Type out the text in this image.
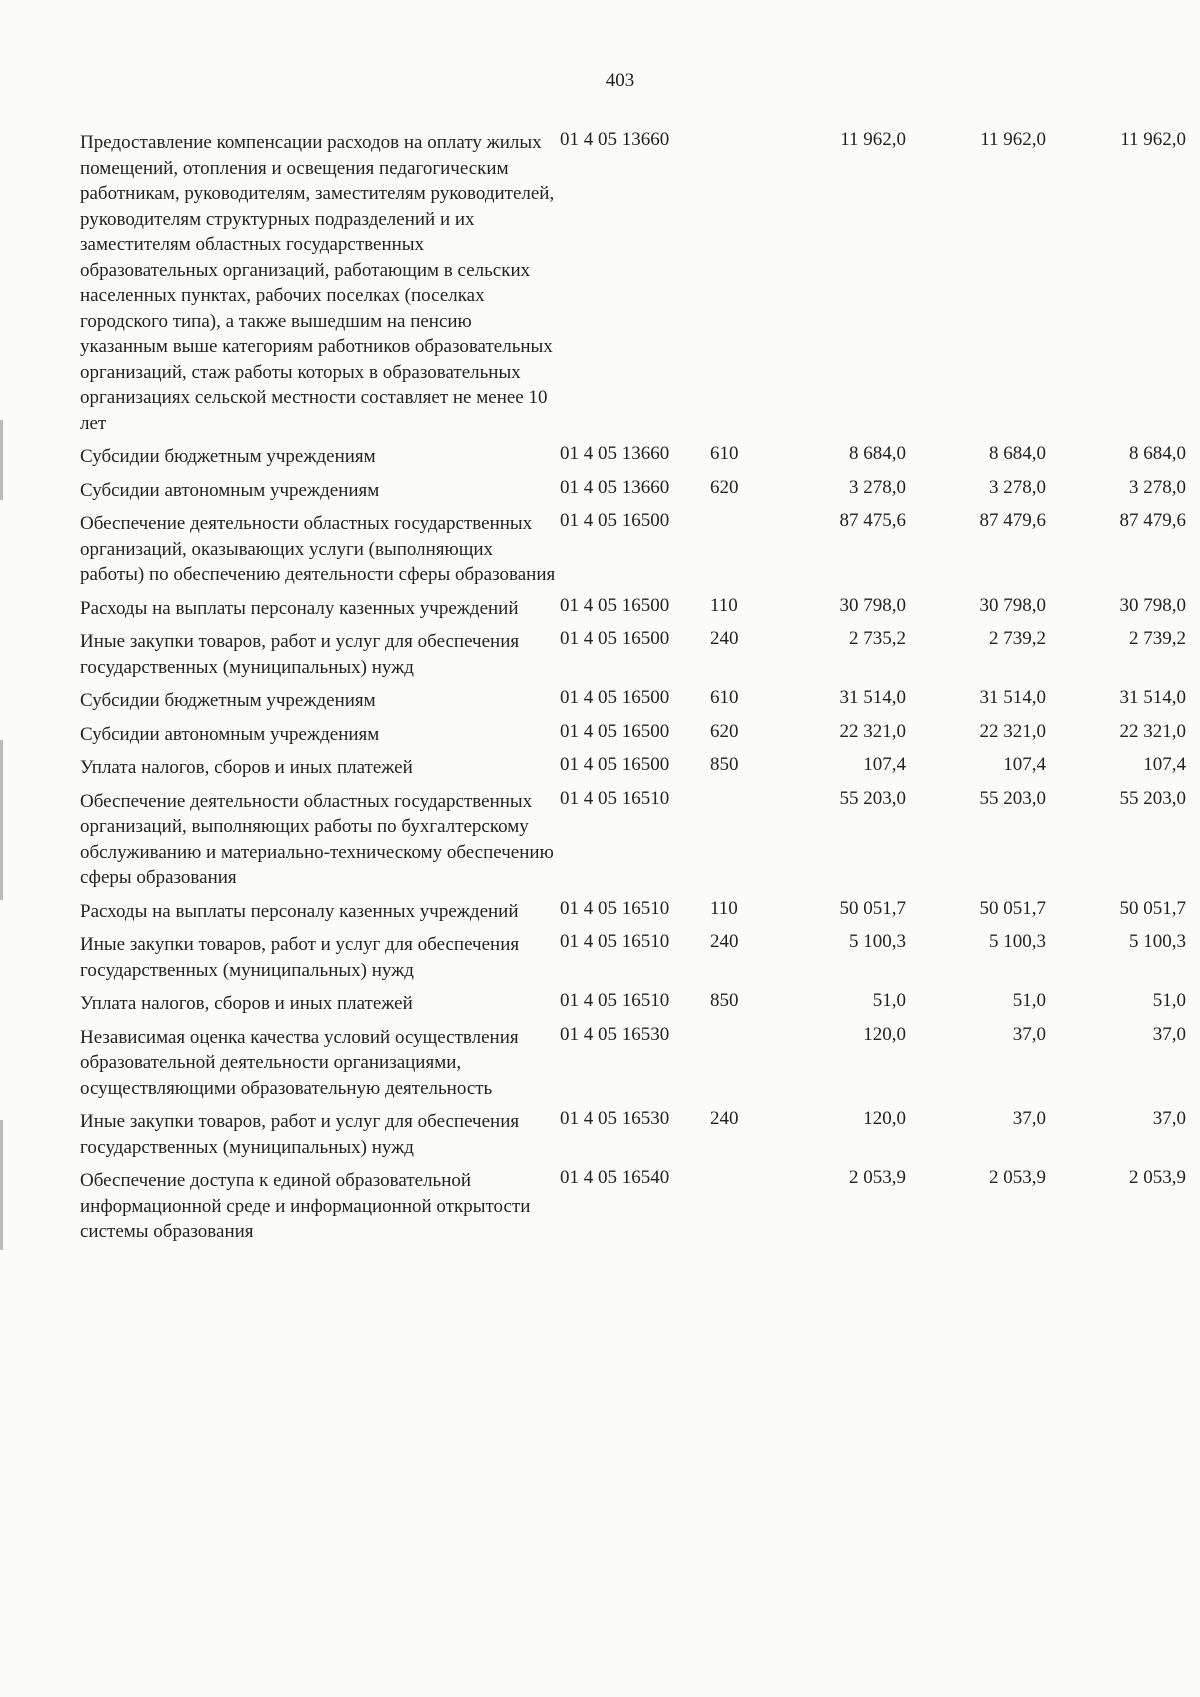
403
Предоставление компенсации расходов на оплату жилых помещений, отопления и освещения педагогическим работникам, руководителям, заместителям руководителей, руководителям структурных подразделений и их заместителям областных государственных образовательных организаций, работающим в сельских населенных пунктах, рабочих поселках (поселках городского типа), а также вышедшим на пенсию указанным выше категориям работников образовательных организаций, стаж работы которых в образовательных организациях сельской местности составляет не менее 10 лет	01 4 05 13660		11 962,0	11 962,0	11 962,0
Субсидии бюджетным учреждениям	01 4 05 13660	610	8 684,0	8 684,0	8 684,0
Субсидии автономным учреждениям	01 4 05 13660	620	3 278,0	3 278,0	3 278,0
Обеспечение деятельности областных государственных организаций, оказывающих услуги (выполняющих работы) по обеспечению деятельности сферы образования	01 4 05 16500		87 475,6	87 479,6	87 479,6
Расходы на выплаты персоналу казенных учреждений	01 4 05 16500	110	30 798,0	30 798,0	30 798,0
Иные закупки товаров, работ и услуг для обеспечения государственных (муниципальных) нужд	01 4 05 16500	240	2 735,2	2 739,2	2 739,2
Субсидии бюджетным учреждениям	01 4 05 16500	610	31 514,0	31 514,0	31 514,0
Субсидии автономным учреждениям	01 4 05 16500	620	22 321,0	22 321,0	22 321,0
Уплата налогов, сборов и иных платежей	01 4 05 16500	850	107,4	107,4	107,4
Обеспечение деятельности областных государственных организаций, выполняющих работы по бухгалтерскому обслуживанию и материально-техническому обеспечению сферы образования	01 4 05 16510		55 203,0	55 203,0	55 203,0
Расходы на выплаты персоналу казенных учреждений	01 4 05 16510	110	50 051,7	50 051,7	50 051,7
Иные закупки товаров, работ и услуг для обеспечения государственных (муниципальных) нужд	01 4 05 16510	240	5 100,3	5 100,3	5 100,3
Уплата налогов, сборов и иных платежей	01 4 05 16510	850	51,0	51,0	51,0
Независимая оценка качества условий осуществления образовательной деятельности организациями, осуществляющими образовательную деятельность	01 4 05 16530		120,0	37,0	37,0
Иные закупки товаров, работ и услуг для обеспечения государственных (муниципальных) нужд	01 4 05 16530	240	120,0	37,0	37,0
Обеспечение доступа к единой образовательной информационной среде и информационной открытости системы образования	01 4 05 16540		2 053,9	2 053,9	2 053,9
